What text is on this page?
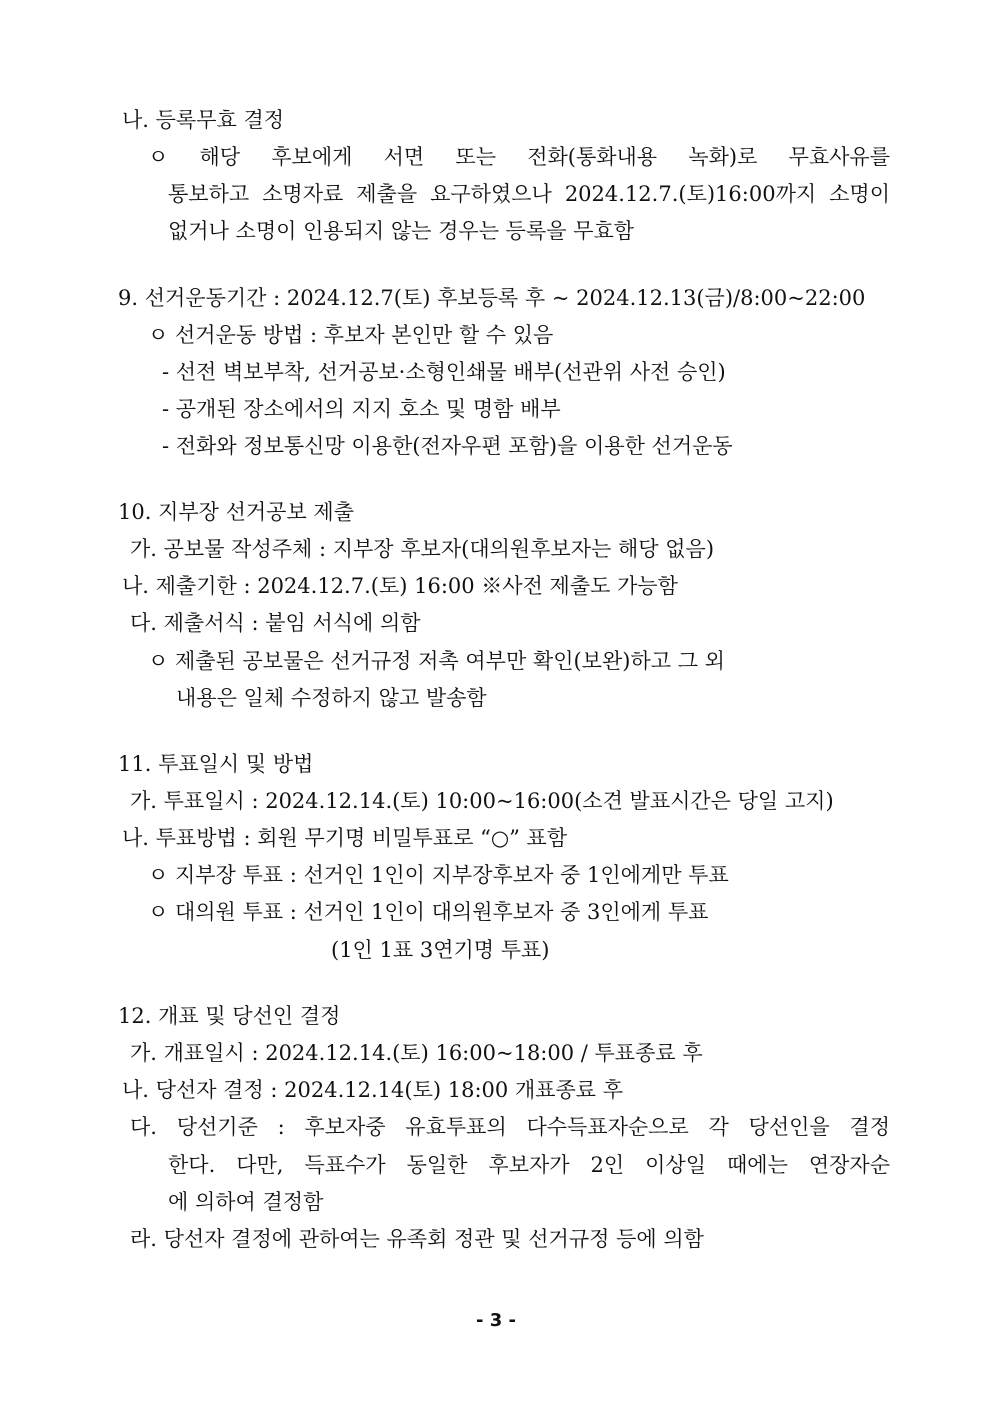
나. 등록무효 결정
ㅇ 해당 후보에게 서면 또는 전화(통화내용 녹화)로 무효사유를
통보하고 소명자료 제출을 요구하였으나 2024.12.7.(토)16:00까지 소명이
없거나 소명이 인용되지 않는 경우는 등록을 무효함
9. 선거운동기간 : 2024.12.7(토) 후보등록 후 ~ 2024.12.13(금)/8:00~22:00
ㅇ 선거운동 방법 : 후보자 본인만 할 수 있음
- 선전 벽보부착, 선거공보·소형인쇄물 배부(선관위 사전 승인)
- 공개된 장소에서의 지지 호소 및 명함 배부
- 전화와 정보통신망 이용한(전자우편 포함)을 이용한 선거운동
10. 지부장 선거공보 제출
가. 공보물 작성주체 : 지부장 후보자(대의원후보자는 해당 없음)
나. 제출기한 : 2024.12.7.(토) 16:00 ※사전 제출도 가능함
다. 제출서식 : 붙임 서식에 의함
ㅇ 제출된 공보물은 선거규정 저촉 여부만 확인(보완)하고 그 외
내용은 일체 수정하지 않고 발송함
11. 투표일시 및 방법
가. 투표일시 : 2024.12.14.(토) 10:00~16:00(소견 발표시간은 당일 고지)
나. 투표방법 : 회원 무기명 비밀투표로 “○” 표함
ㅇ 지부장 투표 : 선거인 1인이 지부장후보자 중 1인에게만 투표
ㅇ 대의원 투표 : 선거인 1인이 대의원후보자 중 3인에게 투표
(1인 1표 3연기명 투표)
12. 개표 및 당선인 결정
가. 개표일시 : 2024.12.14.(토) 16:00~18:00 / 투표종료 후
나. 당선자 결정 : 2024.12.14(토) 18:00 개표종료 후
다. 당선기준 : 후보자중 유효투표의 다수득표자순으로 각 당선인을 결정
한다. 다만, 득표수가 동일한 후보자가 2인 이상일 때에는 연장자순
에 의하여 결정함
라. 당선자 결정에 관하여는 유족회 정관 및 선거규정 등에 의함
- 3 -
